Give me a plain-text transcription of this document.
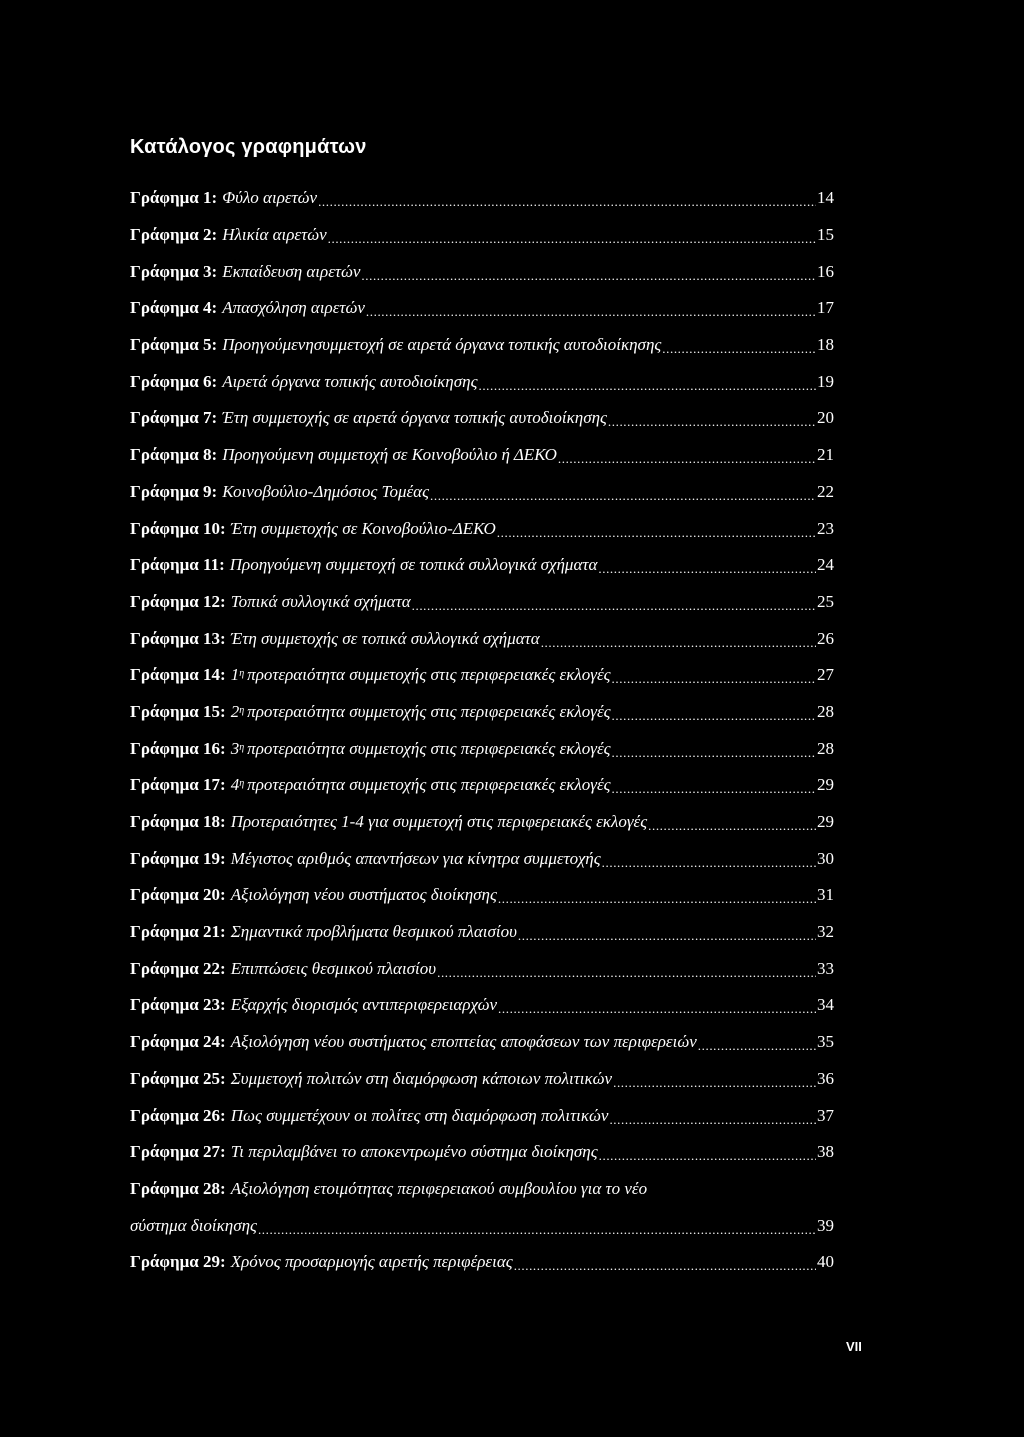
Κατάλογος γραφημάτων
Γράφημα 1: Φύλο αιρετών .....	14
Γράφημα 2: Ηλικία αιρετών .....	15
Γράφημα 3: Εκπαίδευση αιρετών .....	16
Γράφημα 4: Απασχόληση αιρετών .....	17
Γράφημα 5: Προηγούμενησυμμετοχή σε αιρετά όργανα τοπικής αυτοδιοίκησης .....	18
Γράφημα 6: Αιρετά όργανα τοπικής αυτοδιοίκησης .....	19
Γράφημα 7: Έτη συμμετοχής σε αιρετά όργανα τοπικής αυτοδιοίκησης .....	20
Γράφημα 8: Προηγούμενη συμμετοχή σε Κοινοβούλιο ή ΔΕΚΟ .....	21
Γράφημα 9: Κοινοβούλιο-Δημόσιος Τομέας .....	22
Γράφημα 10: Έτη συμμετοχής σε Κοινοβούλιο-ΔΕΚΟ .....	23
Γράφημα 11: Προηγούμενη συμμετοχή σε τοπικά συλλογικά σχήματα .....	24
Γράφημα 12: Τοπικά συλλογικά σχήματα .....	25
Γράφημα 13: Έτη συμμετοχής σε τοπικά συλλογικά σχήματα .....	26
Γράφημα 14: $1^\eta$ προτεραιότητα συμμετοχής στις περιφερειακές εκλογές .....	27
Γράφημα 15: $2^\eta$ προτεραιότητα συμμετοχής στις περιφερειακές εκλογές .....	28
Γράφημα 16: $3^\eta$ προτεραιότητα συμμετοχής στις περιφερειακές εκλογές .....	28
Γράφημα 17: $4^\eta$ προτεραιότητα συμμετοχής στις περιφερειακές εκλογές .....	29
Γράφημα 18: Προτεραιότητες 1-4 για συμμετοχή στις περιφερειακές εκλογές .....	29
Γράφημα 19: Μέγιστος αριθμός απαντήσεων για κίνητρα συμμετοχής .....	30
Γράφημα 20: Αξιολόγηση νέου συστήματος διοίκησης .....	31
Γράφημα 21: Σημαντικά προβλήματα θεσμικού πλαισίου .....	32
Γράφημα 22: Επιπτώσεις θεσμικού πλαισίου .....	33
Γράφημα 23: Εξαρχής διορισμός αντιπεριφερειαρχών .....	34
Γράφημα 24: Αξιολόγηση νέου συστήματος εποπτείας αποφάσεων των περιφερειών .....	35
Γράφημα 25: Συμμετοχή πολιτών στη διαμόρφωση κάποιων πολιτικών .....	36
Γράφημα 26: Πως συμμετέχουν οι πολίτες στη διαμόρφωση πολιτικών .....	37
Γράφημα 27: Τι περιλαμβάνει το αποκεντρωμένο σύστημα διοίκησης .....	38
Γράφημα 28: Αξιολόγηση ετοιμότητας περιφερειακού συμβουλίου για το νέο
σύστημα διοίκησης .....	39
Γράφημα 29: Χρόνος προσαρμογής αιρετής περιφέρειας .....	40
VII
